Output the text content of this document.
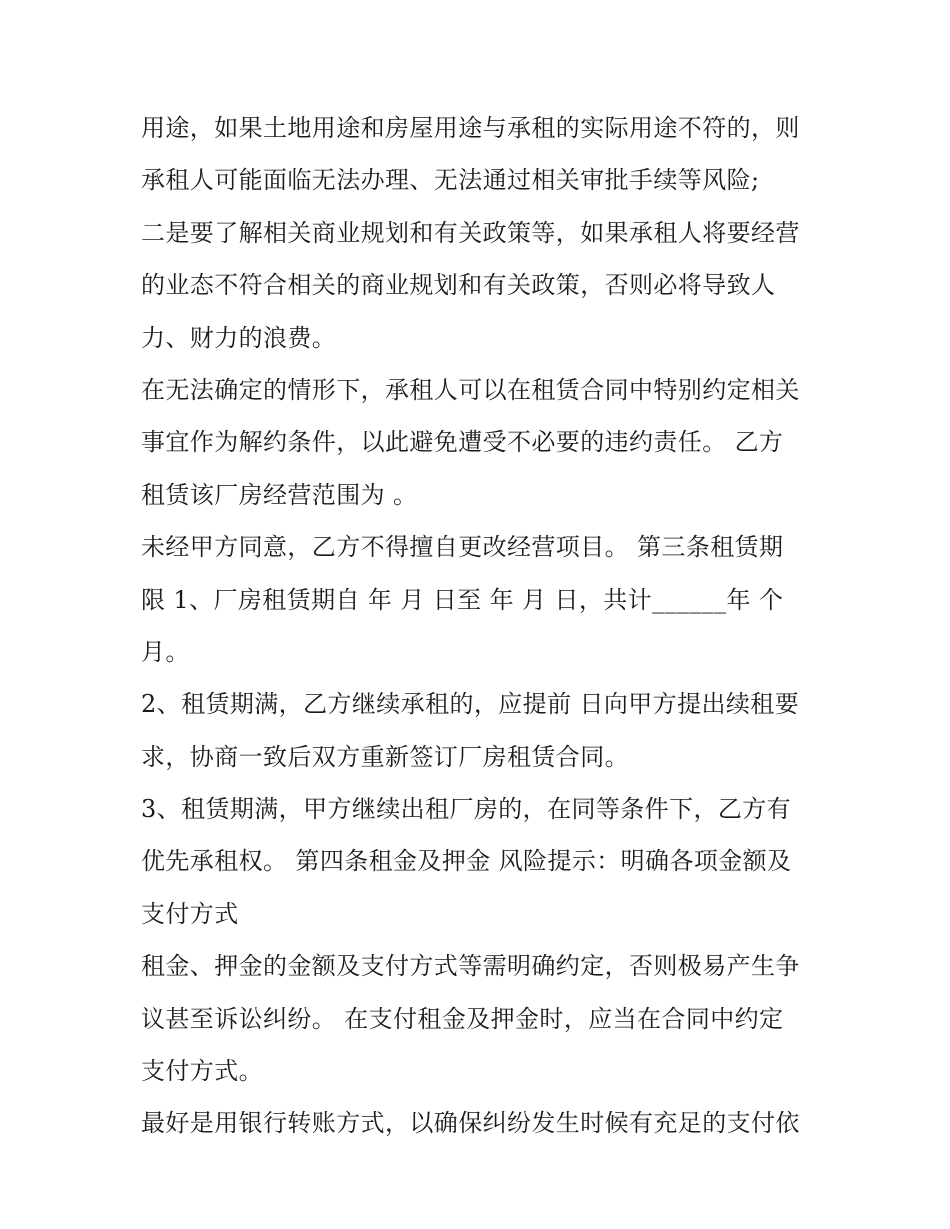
用途，如果土地用途和房屋用途与承租的实际用途不符的，则
承租人可能面临无法办理、无法通过相关审批手续等风险;
二是要了解相关商业规划和有关政策等，如果承租人将要经营
的业态不符合相关的商业规划和有关政策，否则必将导致人
力、财力的浪费。
在无法确定的情形下，承租人可以在租赁合同中特别约定相关
事宜作为解约条件，以此避免遭受不必要的违约责任。 乙方
租赁该厂房经营范围为 。
未经甲方同意，乙方不得擅自更改经营项目。 第三条租赁期
限 1、厂房租赁期自 年 月 日至 年 月 日，共计______年 个
月。
2、租赁期满，乙方继续承租的，应提前 日向甲方提出续租要
求，协商一致后双方重新签订厂房租赁合同。
3、租赁期满，甲方继续出租厂房的，在同等条件下，乙方有
优先承租权。 第四条租金及押金 风险提示：明确各项金额及
支付方式
租金、押金的金额及支付方式等需明确约定，否则极易产生争
议甚至诉讼纠纷。 在支付租金及押金时，应当在合同中约定
支付方式。
最好是用银行转账方式，以确保纠纷发生时候有充足的支付依
